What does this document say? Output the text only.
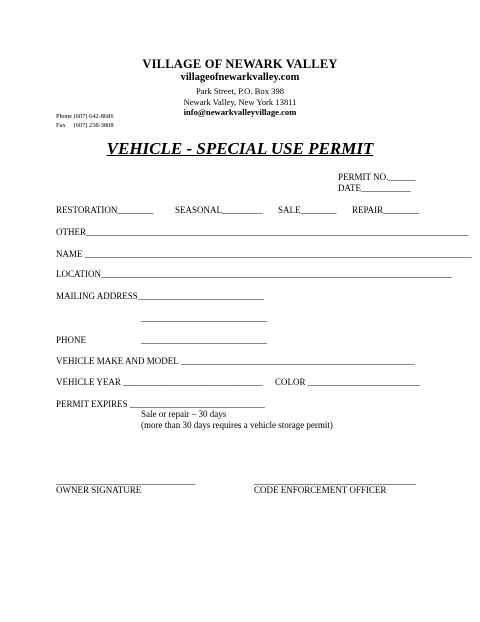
VILLAGE OF NEWARK VALLEY
villageofnewarkvalley.com
Park Street, P.O. Box 398
Newark Valley, New York 13811
info@newarkvalleyvillage.com
Phone (607) 642-8686
Fax     (607) 238-3808
VEHICLE - SPECIAL USE PERMIT
PERMIT NO.______
DATE___________
RESTORATION________ SEASONAL_________ SALE________ REPAIR________
OTHER_____________________________________________________________________________________
NAME ______________________________________________________________________________________
LOCATION______________________________________________________________________________
MAILING ADDRESS____________________________
____________________________
PHONE	____________________________
VEHICLE MAKE AND MODEL ____________________________________________________
VEHICLE YEAR _______________________________ COLOR _________________________
PERMIT EXPIRES ______________________________
Sale or repair – 30 days
(more than 30 days requires a vehicle storage permit)
_______________________________	____________________________________
OWNER SIGNATURE	CODE ENFORCEMENT OFFICER
